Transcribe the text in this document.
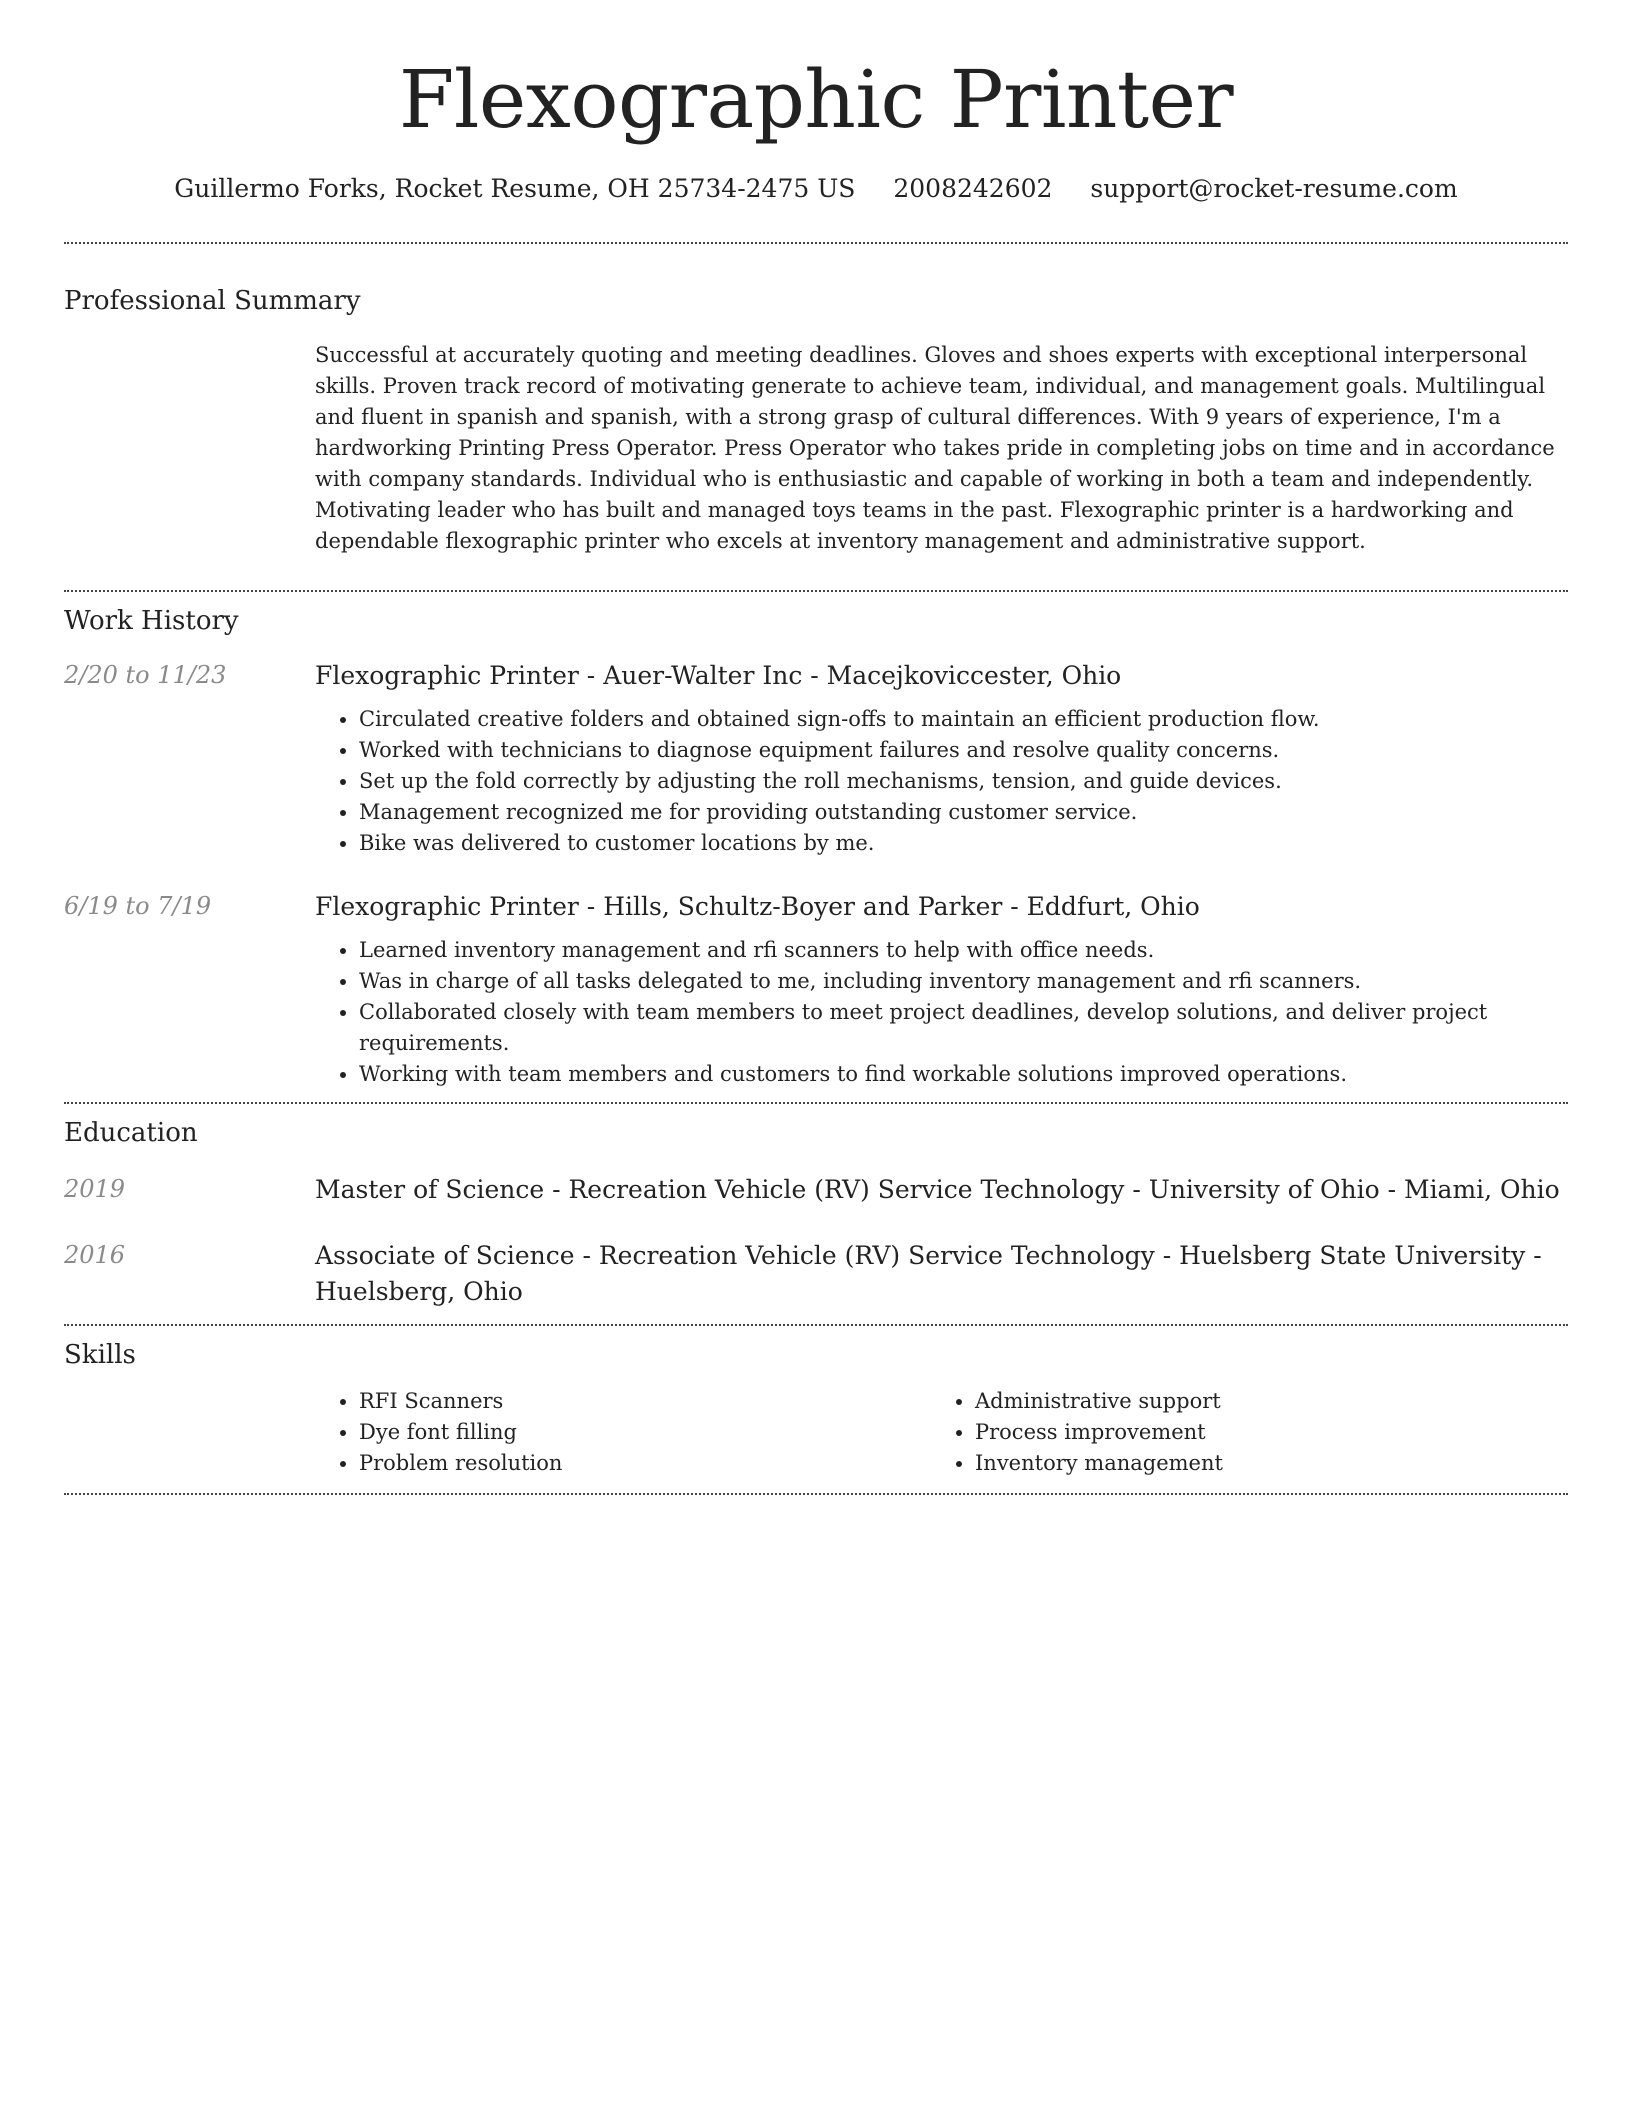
Flexographic Printer
Guillermo Forks, Rocket Resume, OH 25734-2475 US 2008242602 support@rocket-resume.com
Professional Summary

Successful at accurately quoting and meeting deadlines. Gloves and shoes experts with exceptional interpersonal skills. Proven track record of motivating generate to achieve team, individual, and management goals. Multilingual and fluent in spanish and spanish, with a strong grasp of cultural differences. With 9 years of experience, I'm a hardworking Printing Press Operator. Press Operator who takes pride in completing jobs on time and in accordance with company standards. Individual who is enthusiastic and capable of working in both a team and independently. Motivating leader who has built and managed toys teams in the past. Flexographic printer is a hardworking and dependable flexographic printer who excels at inventory management and administrative support.

Work History
2/20 to 11/23	Flexographic Printer - Auer-Walter Inc - Macejkoviccester, Ohio
• Circulated creative folders and obtained sign-offs to maintain an efficient production flow.
• Worked with technicians to diagnose equipment failures and resolve quality concerns.
• Set up the fold correctly by adjusting the roll mechanisms, tension, and guide devices.
• Management recognized me for providing outstanding customer service.
• Bike was delivered to customer locations by me.
6/19 to 7/19	Flexographic Printer - Hills, Schultz-Boyer and Parker - Eddfurt, Ohio
• Learned inventory management and rfi scanners to help with office needs.
• Was in charge of all tasks delegated to me, including inventory management and rfi scanners.
• Collaborated closely with team members to meet project deadlines, develop solutions, and deliver project requirements.
• Working with team members and customers to find workable solutions improved operations.
Education
2019	Master of Science - Recreation Vehicle (RV) Service Technology - University of Ohio - Miami, Ohio
2016	Associate of Science - Recreation Vehicle (RV) Service Technology - Huelsberg State University - Huelsberg, Ohio
Skills
• RFI Scanners
• Dye font filling
• Problem resolution
• Administrative support
• Process improvement
• Inventory management
